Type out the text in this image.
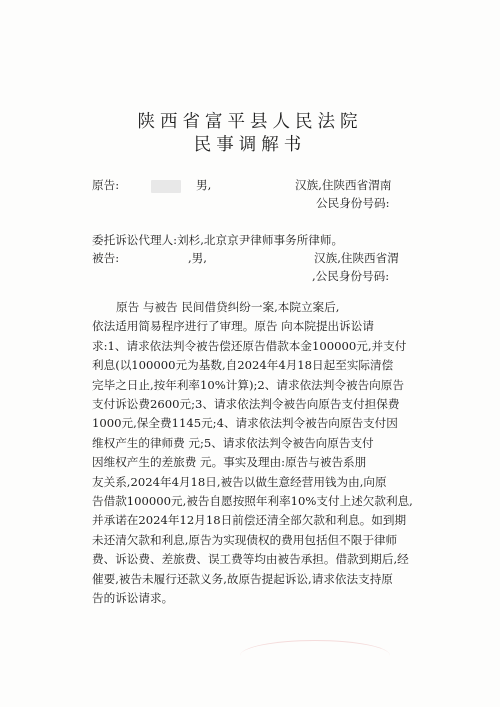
陕西省富平县人民法院
民事调解书
原告:	男,	汉族,住陕西省渭南
公民身份号码:
委托诉讼代理人:刘杉,北京京尹律师事务所律师。
被告:	,男,	汉族,住陕西省渭
,公民身份号码:

原告 与被告 民间借贷纠纷一案,本院立案后,

依法适用简易程序进行了审理。原告 向本院提出诉讼请

求:1、请求依法判令被告偿还原告借款本金100000元,并支付

利息(以100000元为基数,自2024年4月18日起至实际清偿

完毕之日止,按年利率10%计算);2、请求依法判令被告向原告

支付诉讼费2600元;3、请求依法判令被告向原告支付担保费

1000元,保全费1145元;4、请求依法判令被告向原告支付因

维权产生的律师费 元;5、请求依法判令被告向原告支付

因维权产生的差旅费 元。事实及理由:原告与被告系朋

友关系,2024年4月18日,被告以做生意经营用钱为由,向原

告借款100000元,被告自愿按照年利率10%支付上述欠款利息,

并承诺在2024年12月18日前偿还清全部欠款和利息。如到期

未还清欠款和利息,原告为实现债权的费用包括但不限于律师

费、诉讼费、差旅费、误工费等均由被告承担。借款到期后,经

催要,被告未履行还款义务,故原告提起诉讼,请求依法支持原

告的诉讼请求。
